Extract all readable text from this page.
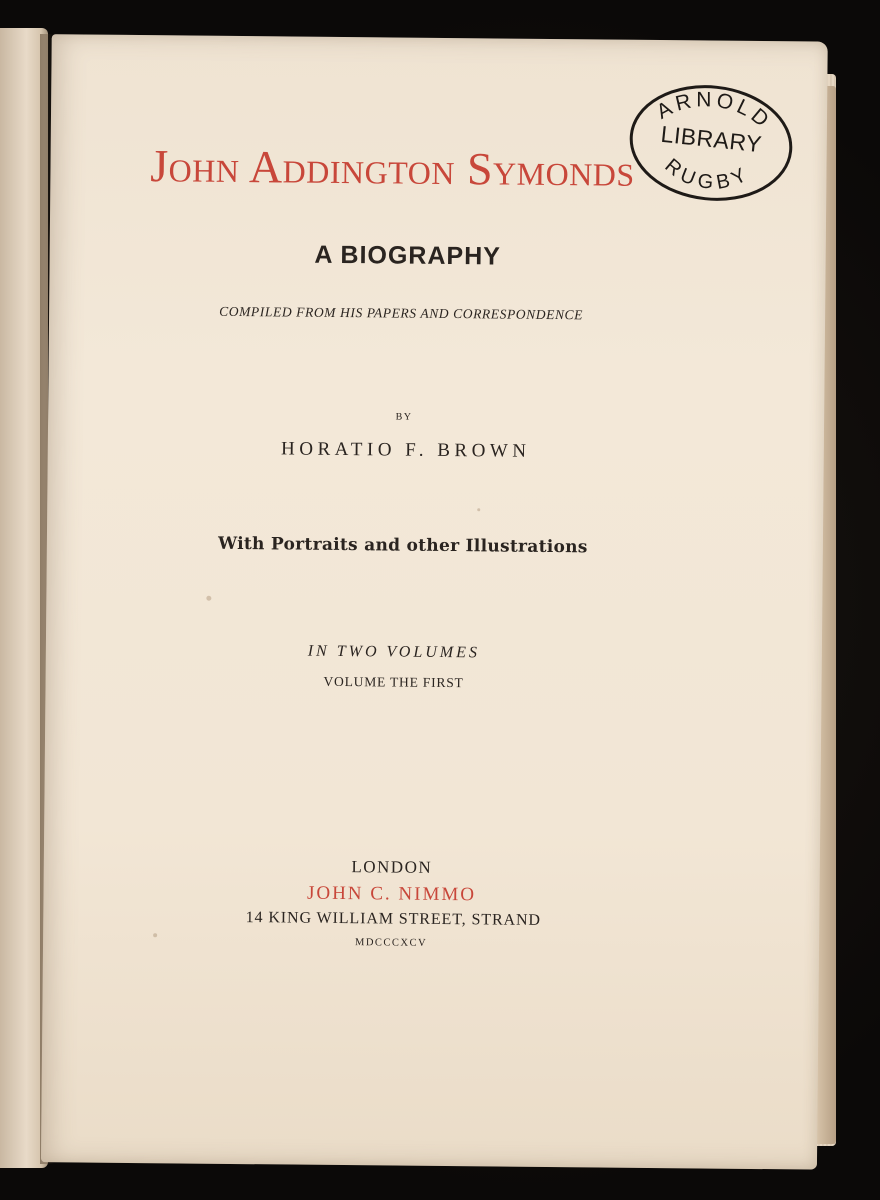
John Addington Symonds
A BIOGRAPHY
COMPILED FROM HIS PAPERS AND CORRESPONDENCE
BY
HORATIO F. BROWN
With Portraits and other Illustrations
IN TWO VOLUMES
VOLUME THE FIRST
LONDON
JOHN C. NIMMO
14 KING WILLIAM STREET, STRAND
MDCCCXCV
ARNOLD
RUGBY
LIBRARY
